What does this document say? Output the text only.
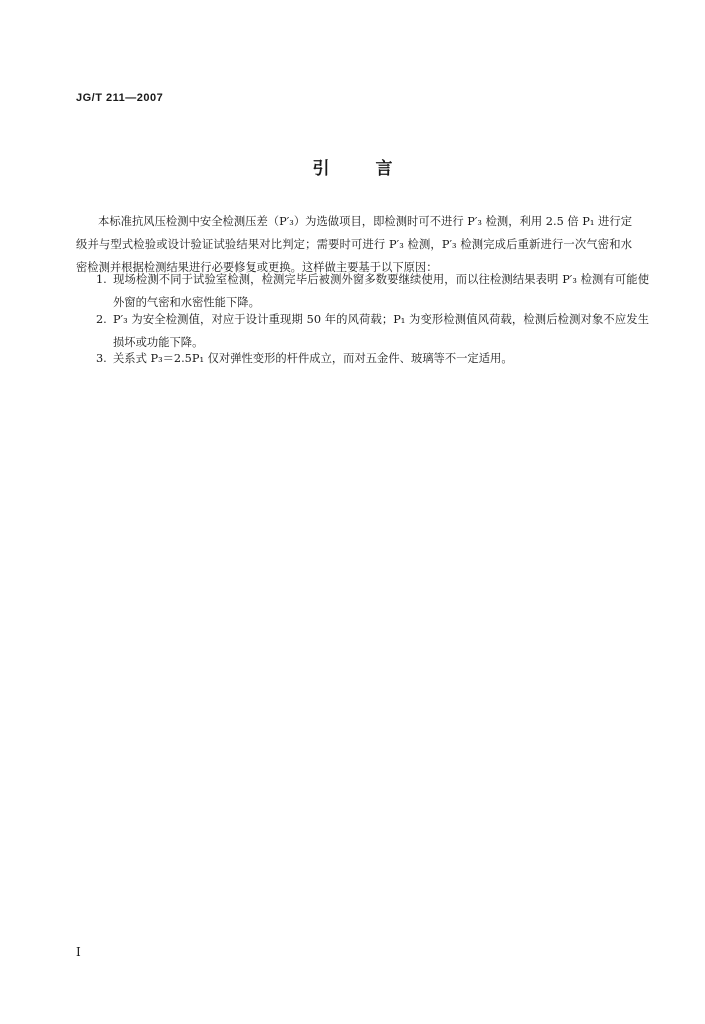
JG/T 211—2007
引 言

本标准抗风压检测中安全检测压差（P′₃）为选做项目，即检测时可不进行 P′₃ 检测，利用 2.5 倍 P₁ 进行定级并与型式检验或设计验证试验结果对比判定；需要时可进行 P′₃ 检测，P′₃ 检测完成后重新进行一次气密和水密检测并根据检测结果进行必要修复或更换。这样做主要基于以下原因：

1. 现场检测不同于试验室检测，检测完毕后被测外窗多数要继续使用，而以往检测结果表明 P′₃ 检测有可能使外窗的气密和水密性能下降。

2. P′₃ 为安全检测值，对应于设计重现期 50 年的风荷载；P₁ 为变形检测值风荷载，检测后检测对象不应发生损坏或功能下降。

3. 关系式 P₃＝2.5P₁ 仅对弹性变形的杆件成立，而对五金件、玻璃等不一定适用。

I
